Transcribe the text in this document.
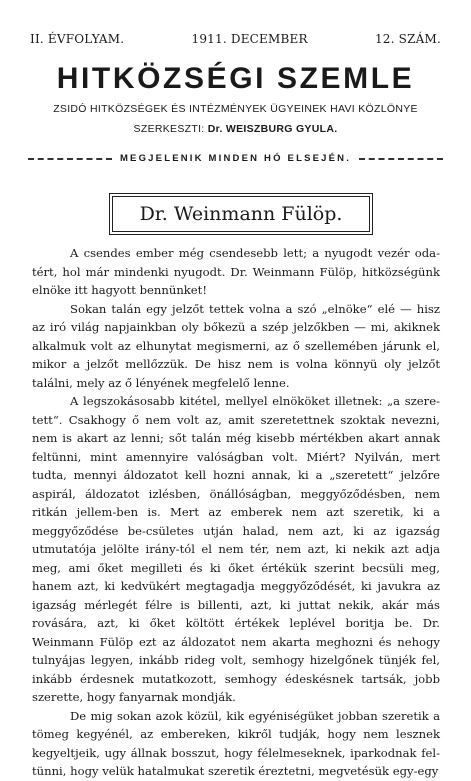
II. ÉVFOLYAM.	1911. DECEMBER	12. SZÁM.
HITKÖZSÉGI SZEMLE
ZSIDÓ HITKÖZSÉGEK ÉS INTÉZMÉNYEK ÜGYEINEK HAVI KÖZLÖNYE
SZERKESZTI: Dr. WEISZBURG GYULA.
MEGJELENIK MINDEN HÓ ELSEJÉN.
Dr. Weinmann Fülöp.

A csendes ember még csendesebb lett; a nyugodt vezér oda-tért, hol már mindenki nyugodt. Dr. Weinmann Fülöp, hitközségünk elnöke itt hagyott bennünket!

Sokan talán egy jelzőt tettek volna a szó „elnöke“ elé — hisz az iró világ napjainkban oly bőkezü a szép jelzőkben — mi, akiknek alkalmuk volt az elhunytat megismerni, az ő szellemében járunk el, mikor a jelzőt mellőzzük. De hisz nem is volna könnyü oly jelzőt találni, mely az ő lényének megfelelő lenne.

A legszokásosabb kitétel, mellyel elnököket illetnek: „a szere-tett“. Csakhogy ő nem volt az, amit szeretettnek szoktak nevezni, nem is akart az lenni; sőt talán még kisebb mértékben akart annak feltünni, mint amennyire valóságban volt. Miért? Nyilván, mert tudta, mennyi áldozatot kell hozni annak, ki a „szeretett“ jelzőre aspirál, áldozatot izlésben, önállóságban, meggyőződésben, nem ritkán jellem-ben is. Mert az emberek nem azt szeretik, ki a meggyőződése be-csületes utján halad, nem azt, ki az igazság utmutatója jelölte irány-tól el nem tér, nem azt, ki nekik azt adja meg, ami őket megilleti és ki őket értékük szerint becsüli meg, hanem azt, ki kedvükért megtagadja meggyőződését, ki javukra az igazság mérlegét félre is billenti, azt, ki juttat nekik, akár más rovására, azt, ki őket költött értékek leplével boritja be. Dr. Weinmann Fülöp ezt az áldozatot nem akarta meghozni és nehogy tulnyájas legyen, inkább rideg volt, semhogy hizelgőnek tünjék fel, inkább érdesnek mutatkozott, semhogy édeskésnek tartsák, jobb szerette, hogy fanyarnak mondják.

De mig sokan azok közül, kik egyéniségüket jobban szeretik a tömeg kegyénél, az embereken, kikről tudják, hogy nem lesznek kegyeltjeik, ugy állnak bosszut, hogy félelmeseknek, iparkodnak fel-tünni, hogy velük hatalmukat szeretik éreztetni, megvetésük egy-egy
